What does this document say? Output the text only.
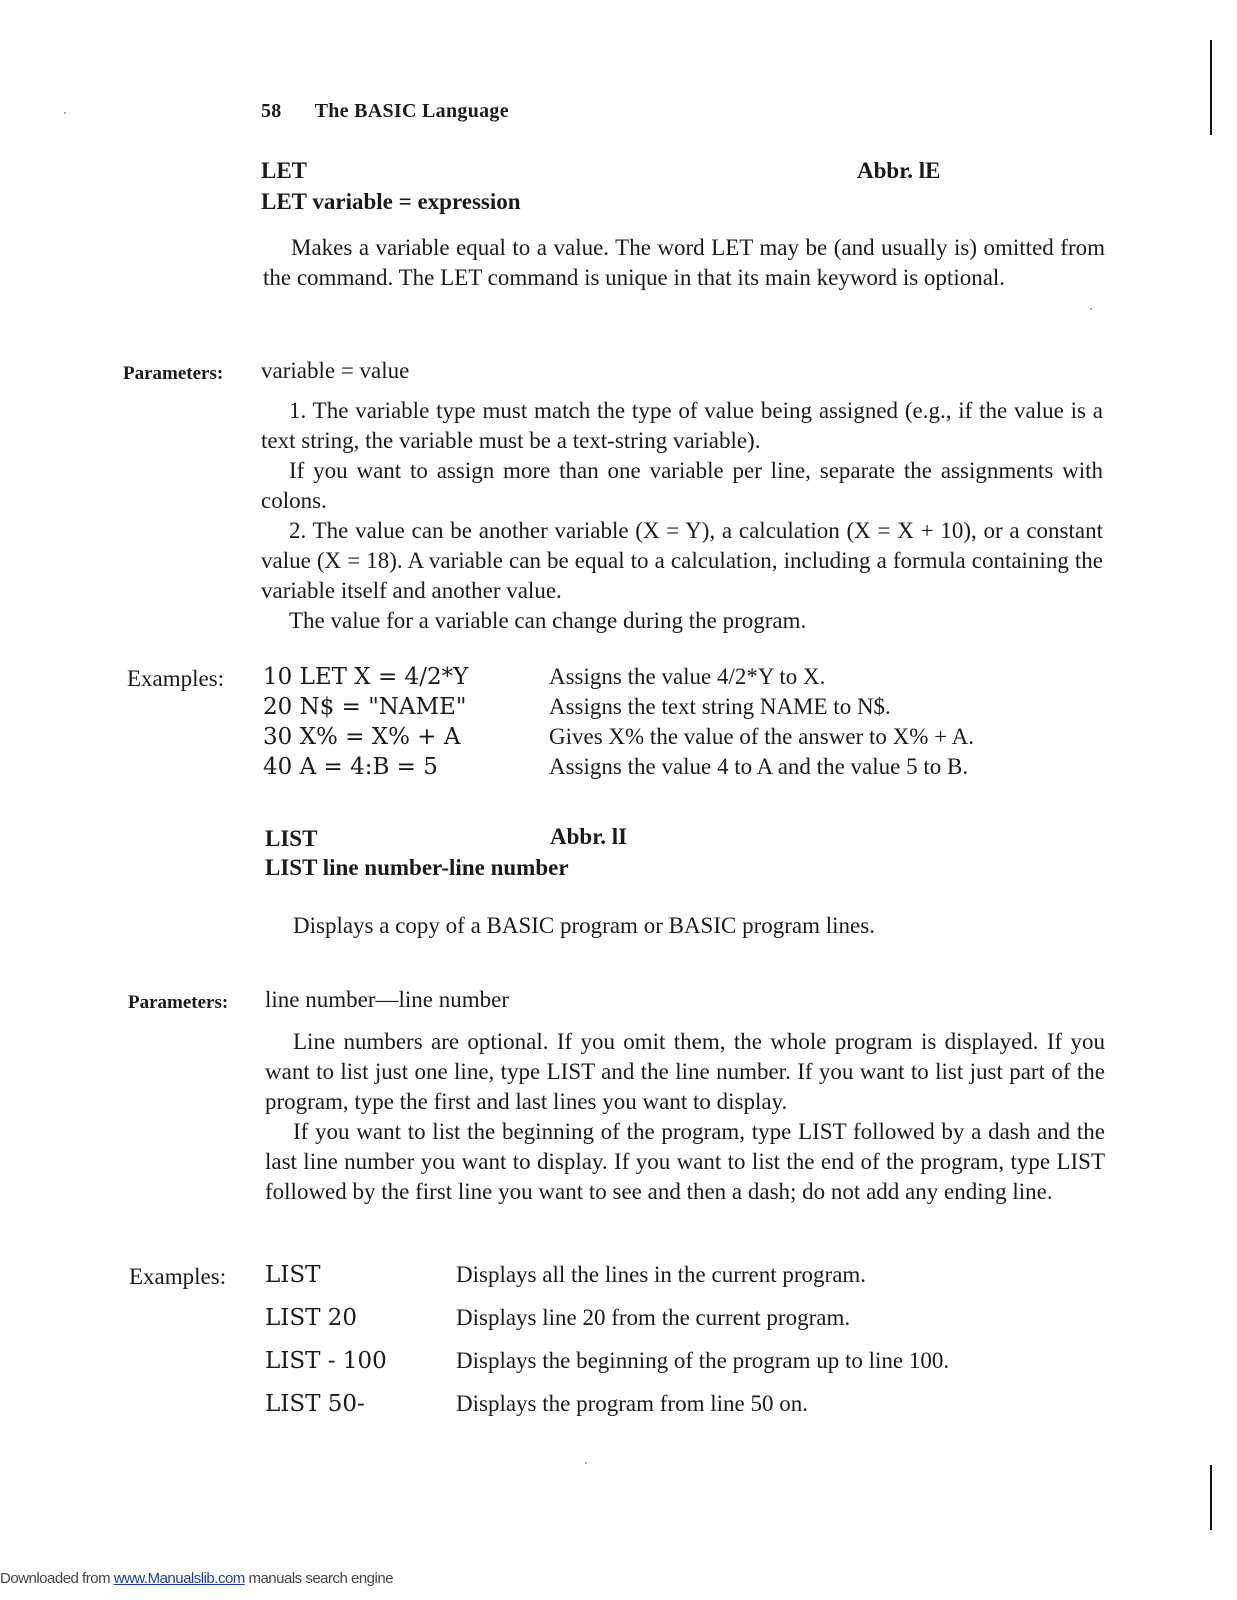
58 The BASIC Language
LET	Abbr. lE
LET variable = expression

Makes a variable equal to a value. The word LET may be (and usually is) omitted from the command. The LET command is unique in that its main keyword is optional.

Parameters: variable = value

1. The variable type must match the type of value being assigned (e.g., if the value is a text string, the variable must be a text-string variable).

If you want to assign more than one variable per line, separate the assignments with colons.

2. The value can be another variable (X = Y), a calculation (X = X + 10), or a constant value (X = 18). A variable can be equal to a calculation, including a formula containing the variable itself and another value.

The value for a variable can change during the program.

Examples: 10 LET X = 4/2*Y	Assigns the value 4/2*Y to X.
20 N$ = "NAME"	Assigns the text string NAME to N$.
30 X% = X% + A	Gives X% the value of the answer to X% + A.
40 A = 4:B = 5	Assigns the value 4 to A and the value 5 to B.
LIST	Abbr. lI
LIST line number-line number

Displays a copy of a BASIC program or BASIC program lines.

Parameters: line number—line number

Line numbers are optional. If you omit them, the whole program is displayed. If you want to list just one line, type LIST and the line number. If you want to list just part of the program, type the first and last lines you want to display.

If you want to list the beginning of the program, type LIST followed by a dash and the last line number you want to display. If you want to list the end of the program, type LIST followed by the first line you want to see and then a dash; do not add any ending line.

Examples: LIST	Displays all the lines in the current program.
LIST 20	Displays line 20 from the current program.
LIST - 100	Displays the beginning of the program up to line 100.
LIST 50-	Displays the program from line 50 on.
Downloaded from www.Manualslib.com manuals search engine
